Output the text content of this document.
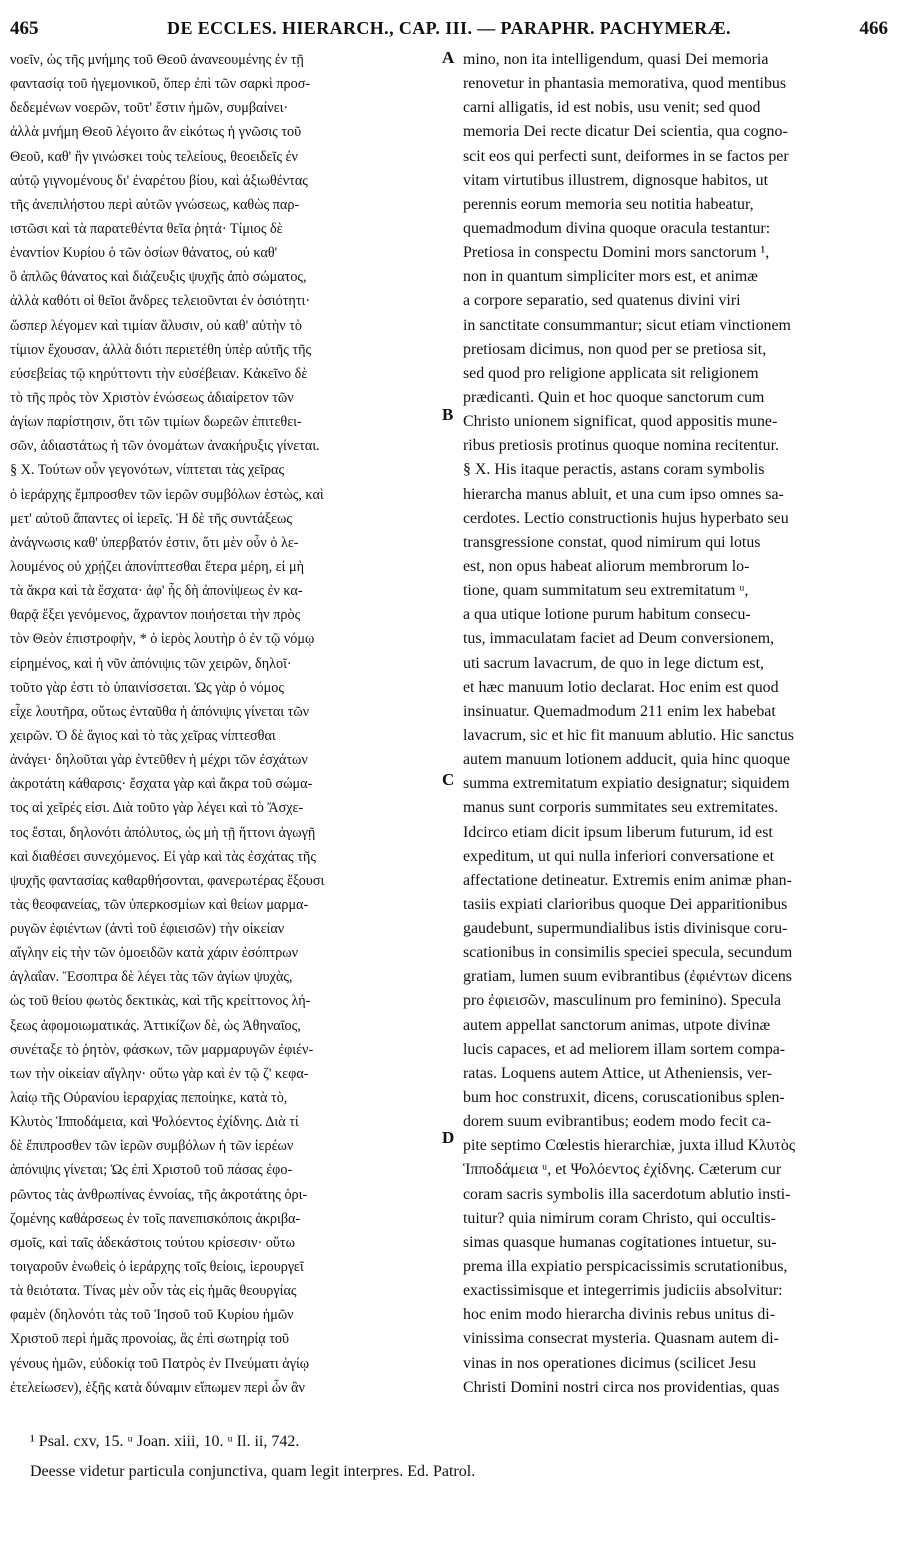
465	DE ECCLES. HIERARCH., CAP. III. — PARAPHR. PACHYMERÆ.	466
νοεῖν, ὡς τῆς μνήμης τοῦ Θεοῦ ἀνανεουμένης ἐν τῇ
φαντασίᾳ τοῦ ἡγεμονικοῦ, ὅπερ ἐπὶ τῶν σαρκὶ προσ-
δεδεμένων νοερῶν, τοῦτ' ἔστιν ἡμῶν, συμβαίνει·
ἀλλὰ μνήμη Θεοῦ λέγοιτο ἂν εἰκότως ἡ γνῶσις τοῦ
Θεοῦ, καθ' ἣν γινώσκει τοὺς τελείους, θεοειδεῖς ἐν
αὐτῷ γιγνομένους δι' ἐναρέτου βίου, καὶ ἀξιωθέντας
τῆς ἀνεπιλήστου περὶ αὐτῶν γνώσεως, καθὼς παρ-
ιστῶσι καὶ τὰ παρατεθέντα θεῖα ῥητά· Τίμιος δὲ
ἐναντίον Κυρίου ὁ τῶν ὁσίων θάνατος, οὐ καθ'
ὃ ἁπλῶς θάνατος καὶ διάζευξις ψυχῆς ἀπὸ σώματος,
ἀλλὰ καθότι οἱ θεῖοι ἄνδρες τελειοῦνται ἐν ὁσιότητι·
ὥσπερ λέγομεν καὶ τιμίαν ἅλυσιν, οὐ καθ' αὐτὴν τὸ
τίμιον ἔχουσαν, ἀλλὰ διότι περιετέθη ὑπὲρ αὐτῆς τῆς
εὐσεβείας τῷ κηρύττοντι τὴν εὐσέβειαν. Κἀκεῖνο δὲ
τὸ τῆς πρὸς τὸν Χριστὸν ἑνώσεως ἀδιαίρετον τῶν
ἁγίων παρίστησιν, ὅτι τῶν τιμίων δωρεῶν ἐπιτεθει-
σῶν, ἀδιαστάτως ἡ τῶν ὀνομάτων ἀνακήρυξις γίνεται.
§ Χ. Τούτων οὖν γεγονότων, νίπτεται τὰς χεῖρας
ὁ ἱεράρχης ἔμπροσθεν τῶν ἱερῶν συμβόλων ἑστὼς, καὶ
μετ' αὐτοῦ ἅπαντες οἱ ἱερεῖς. Ἡ δὲ τῆς συντάξεως
ἀνάγνωσις καθ' ὑπερβατόν ἐστιν, ὅτι μὲν οὖν ὁ λε-
λουμένος οὐ χρῄζει ἀπονίπτεσθαι ἕτερα μέρη, εἰ μὴ
τὰ ἄκρα καὶ τὰ ἔσχατα· ἀφ' ἧς δὴ ἀπονίψεως ἐν κα-
θαρᾷ ἕξει γενόμενος, ἄχραντον ποιήσεται τὴν πρὸς
τὸν Θεὸν ἐπιστροφὴν, * ὁ ἱερὸς λουτὴρ ὁ ἐν τῷ νόμῳ
εἰρημένος, καὶ ἡ νῦν ἀπόνιψις τῶν χειρῶν, δηλοῖ·
τοῦτο γὰρ ἐστι τὸ ὑπαινίσσεται. Ὡς γὰρ ὁ νόμος
εἶχε λουτῆρα, οὕτως ἐνταῦθα ἡ ἀπόνιψις γίνεται τῶν
χειρῶν. Ὁ δὲ ἅγιος καὶ τὸ τὰς χεῖρας νίπτεσθαι
ἀνάγει· δηλοῦται γὰρ ἐντεῦθεν ἡ μέχρι τῶν ἐσχάτων
ἀκροτάτη κάθαρσις· ἔσχατα γὰρ καὶ ἄκρα τοῦ σώμα-
τος αἱ χεῖρές εἰσι. Διὰ τοῦτο γὰρ λέγει καὶ τὸ Ἄσχε-
τος ἔσται, δηλονότι ἀπόλυτος, ὡς μὴ τῇ ἥττονι ἀγωγῇ
καὶ διαθέσει συνεχόμενος. Εἰ γὰρ καὶ τὰς ἐσχάτας τῆς
ψυχῆς φαντασίας καθαρθήσονται, φανερωτέρας ἕξουσι
τὰς θεοφανείας, τῶν ὑπερκοσμίων καὶ θείων μαρμα-
ρυγῶν ἐφιέντων (ἀντὶ τοῦ ἐφιεισῶν) τὴν οἰκείαν
αἴγλην εἰς τὴν τῶν ὁμοειδῶν κατὰ χάριν ἐσόπτρων
ἀγλαΐαν. Ἔσοπτρα δὲ λέγει τὰς τῶν ἁγίων ψυχὰς,
ὡς τοῦ θείου φωτὸς δεκτικὰς, καὶ τῆς κρείττονος λή-
ξεως ἀφομοιωματικάς. Ἀττικίζων δὲ, ὡς Ἀθηναῖος,
συνέταξε τὸ ῥητὸν, φάσκων, τῶν μαρμαρυγῶν ἐφιέν-
των τὴν οἰκείαν αἴγλην· οὕτω γὰρ καὶ ἐν τῷ ζ' κεφα-
λαίῳ τῆς Οὐρανίου ἱεραρχίας πεποίηκε, κατὰ τὸ,
Κλυτὸς Ἱπποδάμεια, καὶ Ψολόεντος ἐχίδνης. Διὰ τί
δὲ ἔπιπροσθεν τῶν ἱερῶν συμβόλων ἡ τῶν ἱερέων
ἀπόνιψις γίνεται; Ὡς ἐπὶ Χριστοῦ τοῦ πάσας ἐφο-
ρῶντος τὰς ἀνθρωπίνας ἐννοίας, τῆς ἀκροτάτης ὁρι-
ζομένης καθάρσεως ἐν τοῖς πανεπισκόποις ἀκριβα-
σμοῖς, καὶ ταῖς ἀδεκάστοις τούτου κρίσεσιν· οὕτω
τοιγαροῦν ἑνωθεὶς ὁ ἱεράρχης τοῖς θείοις, ἱερουργεῖ
τὰ θειότατα. Τίνας μὲν οὖν τὰς εἰς ἡμᾶς θεουργίας
φαμὲν (δηλονότι τὰς τοῦ Ἰησοῦ τοῦ Κυρίου ἡμῶν
Χριστοῦ περὶ ἡμᾶς προνοίας, ἃς ἐπὶ σωτηρίᾳ τοῦ
γένους ἡμῶν, εὐδοκίᾳ τοῦ Πατρὸς ἐν Πνεύματι ἁγίῳ
ἐτελείωσεν), ἑξῆς κατὰ δύναμιν εἴπωμεν περὶ ὧν ἂν
A
B
C
D
mino, non ita intelligendum, quasi Dei memoria
renovetur in phantasia memorativa, quod mentibus
carni alligatis, id est nobis, usu venit; sed quod
memoria Dei recte dicatur Dei scientia, qua cogno-
scit eos qui perfecti sunt, deiformes in se factos per
vitam virtutibus illustrem, dignosque habitos, ut
perennis eorum memoria seu notitia habeatur,
quemadmodum divina quoque oracula testantur:
Pretiosa in conspectu Domini mors sanctorum ¹,
non in quantum simpliciter mors est, et animæ
a corpore separatio, sed quatenus divini viri
in sanctitate consummantur; sicut etiam vinctionem
pretiosam dicimus, non quod per se pretiosa sit,
sed quod pro religione applicata sit religionem
prædicanti. Quin et hoc quoque sanctorum cum
Christo unionem significat, quod appositis mune-
ribus pretiosis protinus quoque nomina recitentur.
§ X. His itaque peractis, astans coram symbolis
hierarcha manus abluit, et una cum ipso omnes sa-
cerdotes. Lectio constructionis hujus hyperbato seu
transgressione constat, quod nimirum qui lotus
est, non opus habeat aliorum membrorum lo-
tione, quam summitatum seu extremitatum ᵘ,
a qua utique lotione purum habitum consecu-
tus, immaculatam faciet ad Deum conversionem,
uti sacrum lavacrum, de quo in lege dictum est,
et hæc manuum lotio declarat. Hoc enim est quod
insinuatur. Quemadmodum 211 enim lex habebat
lavacrum, sic et hic fit manuum ablutio. Hic sanctus
autem manuum lotionem adducit, quia hinc quoque
summa extremitatum expiatio designatur; siquidem
manus sunt corporis summitates seu extremitates.
Idcirco etiam dicit ipsum liberum futurum, id est
expeditum, ut qui nulla inferiori conversatione et
affectatione detineatur. Extremis enim animæ phan-
tasiis expiati clarioribus quoque Dei apparitionibus
gaudebunt, supermundialibus istis divinisque coru-
scationibus in consimilis speciei specula, secundum
gratiam, lumen suum evibrantibus (ἐφιέντων dicens
pro ἐφιεισῶν, masculinum pro feminino). Specula
autem appellat sanctorum animas, utpote divinæ
lucis capaces, et ad meliorem illam sortem compa-
ratas. Loquens autem Attice, ut Atheniensis, ver-
bum hoc construxit, dicens, coruscationibus splen-
dorem suum evibrantibus; eodem modo fecit ca-
pite septimo Cœlestis hierarchiæ, juxta illud Κλυτὸς
Ἱπποδάμεια ᵘ, et Ψολόεντος ἐχίδνης. Cæterum cur
coram sacris symbolis illa sacerdotum ablutio insti-
tuitur? quia nimirum coram Christo, qui occultis-
simas quasque humanas cogitationes intuetur, su-
prema illa expiatio perspicacissimis scrutationibus,
exactissimisque et integerrimis judiciis absolvitur:
hoc enim modo hierarcha divinis rebus unitus di-
vinissima consecrat mysteria. Quasnam autem di-
vinas in nos operationes dicimus (scilicet Jesu
Christi Domini nostri circa nos providentias, quas
¹ Psal. cxv, 15. ᵘ Joan. xiii, 10. ᵘ Il. ii, 742.
Deesse videtur particula conjunctiva, quam legit interpres. Ed. Patrol.
